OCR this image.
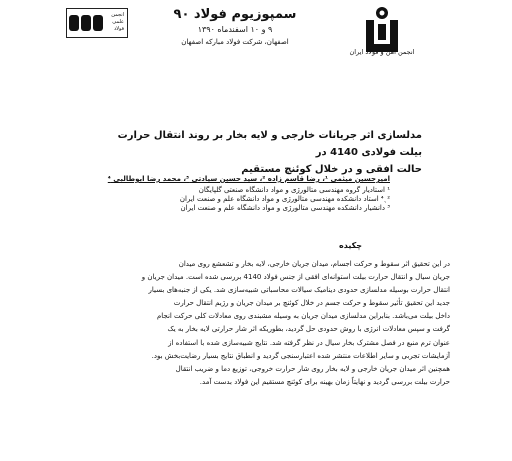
انجمن
علمی
فولاد
سمپوزیوم فولاد ۹۰
۹ و ۱۰ اسفندماه ۱۳۹۰
اصفهان، شرکت فولاد مبارکه اصفهان
انجمن آهن و فولاد ایران
مدلسازی اثر جریانات خارجی و لایه بخار بر روند انتقال حرارت بیلت فولادی 4140 در
حالت افقی و در خلال کوئنچ مستقیم
امیرحسین میثمی ¹، رضا قاسم زاده ²، سید حسین سیادتی ³، محمد رضا ابوطالبی ⁴
¹ استادیار گروه مهندسی متالورژی و مواد دانشگاه صنعتی گلپایگان
²ˎ⁴ استاد دانشکده مهندسی متالورژی و مواد دانشگاه علم و صنعت ایران
³ دانشیار دانشکده مهندسی متالورژی و مواد دانشگاه علم و صنعت ایران
چکیده
در این تحقیق اثر سقوط و حرکت اجسام، میدان جریان خارجی، لایه بخار و تشعشع روی میدان
جریان سیال و انتقال حرارت بیلت استوانه‌ای افقی از جنس فولاد 4140 بررسی شده است. میدان جریان و
انتقال حرارت بوسیله مدلسازی حدودی دینامیک سیالات محاسباتی شبیه‌سازی شد. یکی از جنبه‌های بسیار
جدید این تحقیق تأثیر سقوط و حرکت جسم در خلال کوئنچ بر میدان جریان و رژیم انتقال حرارت
داخل بیلت می‌باشد. بنابراین مدلسازی میدان جریان به وسیله مشبندی روی معادلات کلی حرکت انجام
گرفت و سپس معادلات انرژی با روش حدودی حل گردید، بطوریکه اثر شار حرارتی لایه بخار به یک
عنوان ترم منبع در فصل مشترک بخار سیال در نظر گرفته شد. نتایج شبیه‌سازی شده با استفاده از
آزمایشات تجربی و سایر اطلاعات منتشر شده اعتبارسنجی گردید و انطباق نتایج بسیار رضایت‌بخش بود.
همچنین اثر میدان جریان خارجی و لایه بخار روی شار حرارت خروجی، توزیع دما و ضریب انتقال
حرارت بیلت بررسی گردید و نهایتاً زمان بهینه برای کوئنچ مستقیم این فولاد بدست آمد.
